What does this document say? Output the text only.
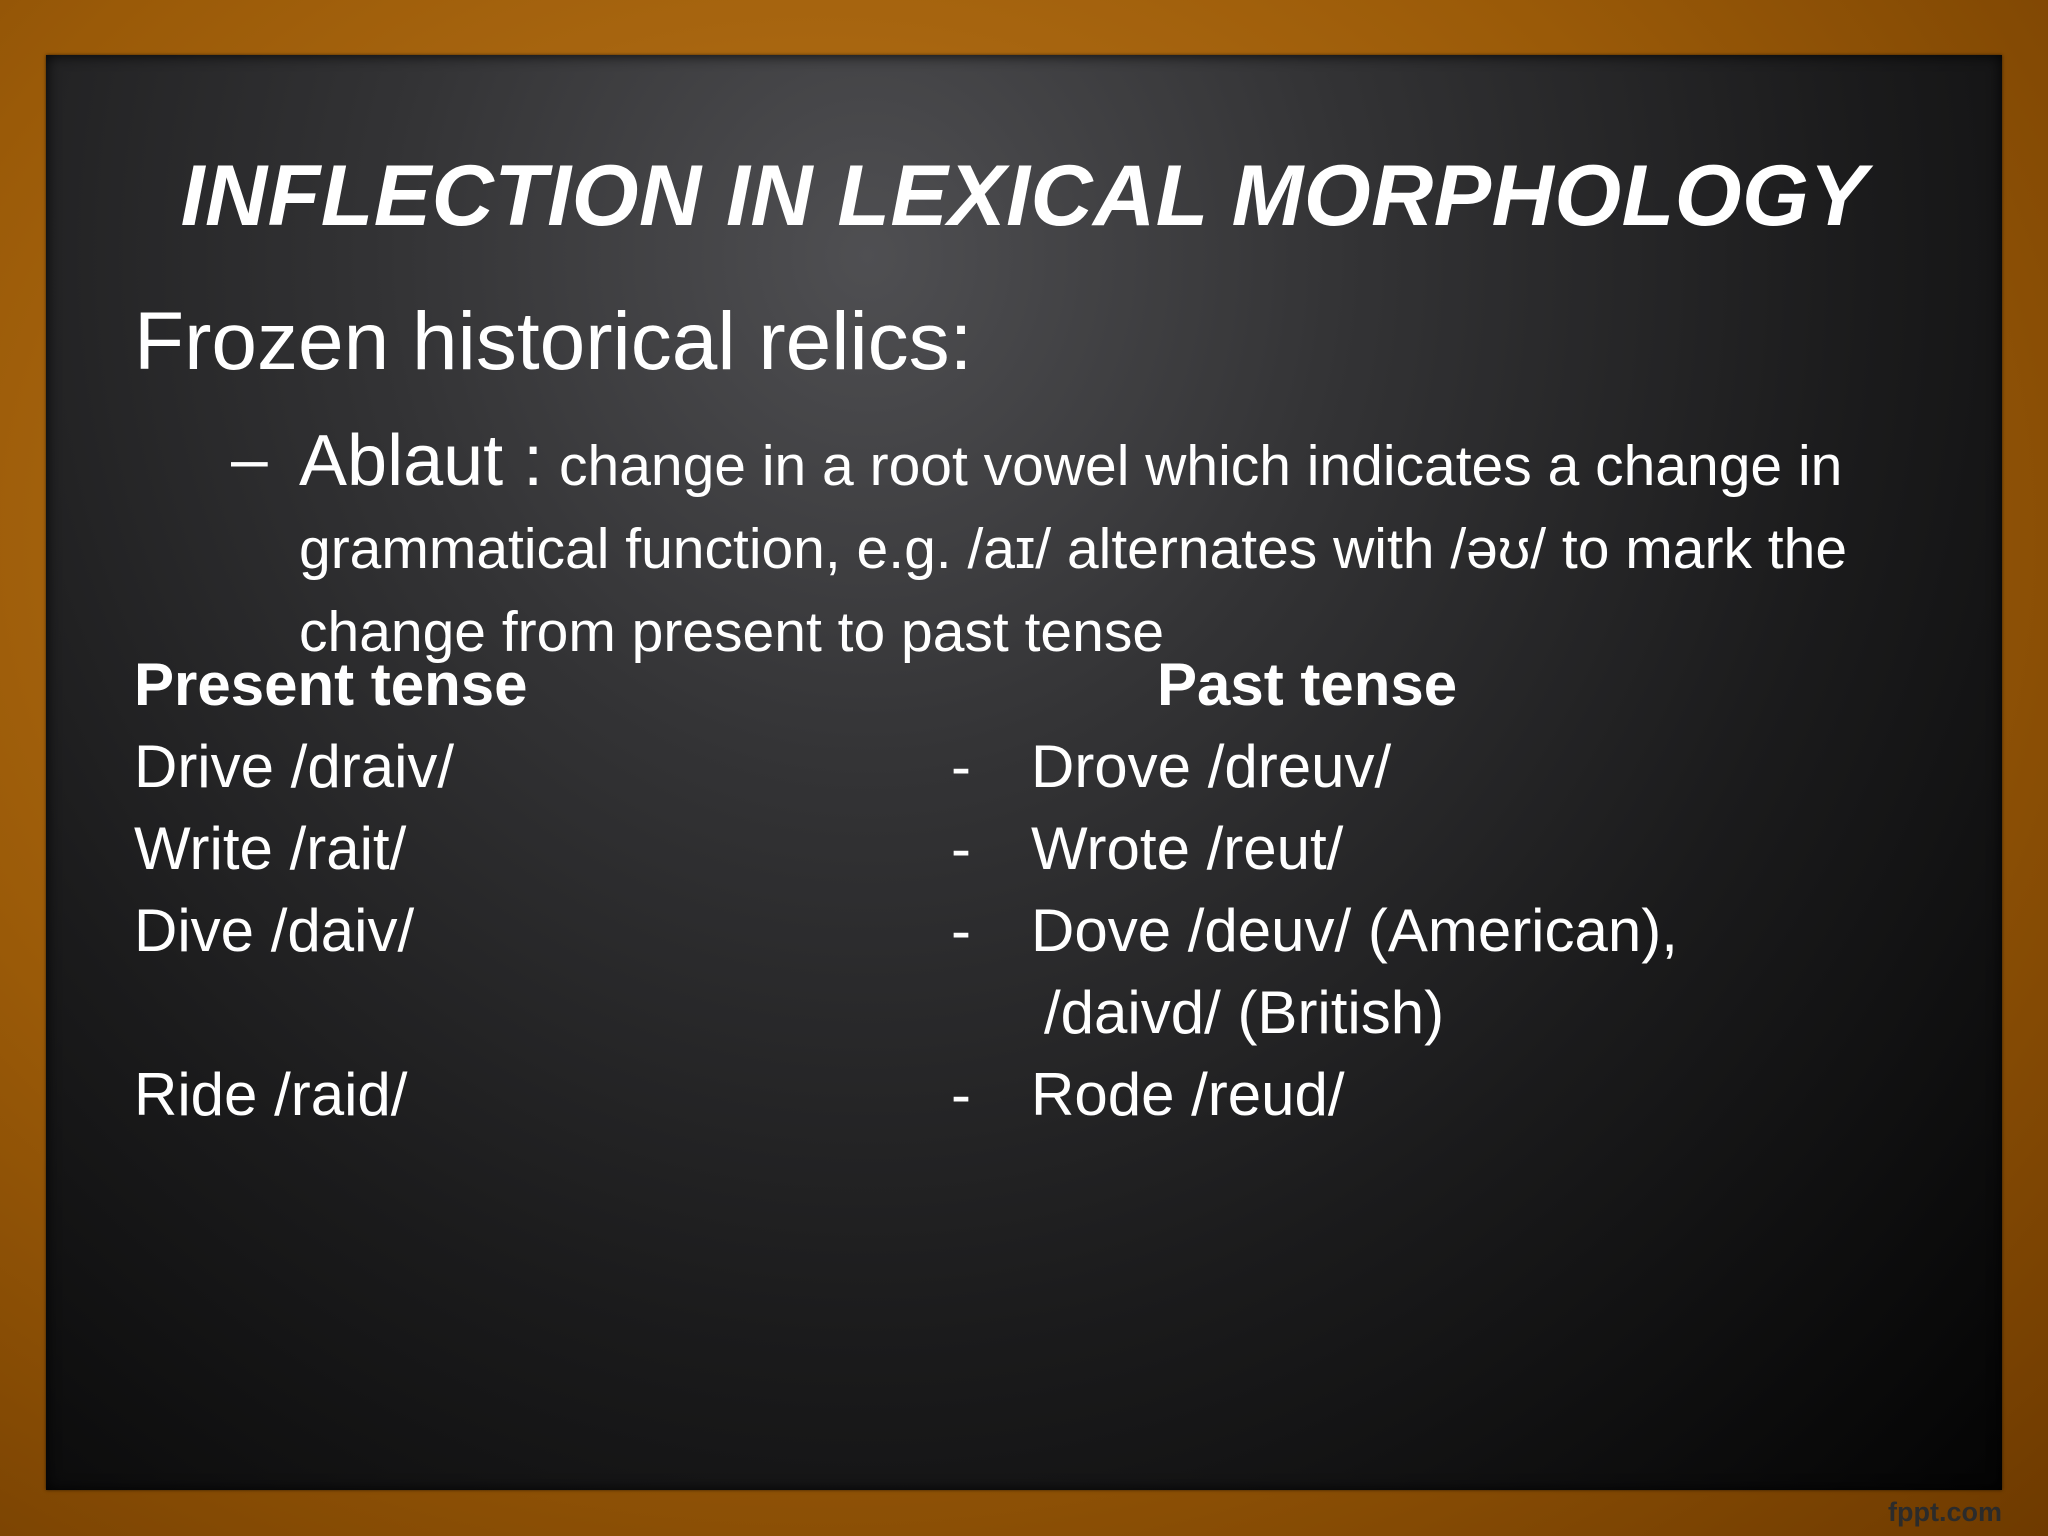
INFLECTION IN LEXICAL MORPHOLOGY
Frozen historical relics:
– Ablaut : change in a root vowel which indicates a change in grammatical function, e.g. /aɪ/ alternates with /əʊ/ to mark the change from present to past tense
Present tense	Past tense
Drive /draiv/	- Drove /dreuv/
Write /rait/	- Wrote /reut/
Dive /daiv/	- Dove /deuv/ (American),
/daivd/ (British)
Ride /raid/	- Rode /reud/
fppt.com
